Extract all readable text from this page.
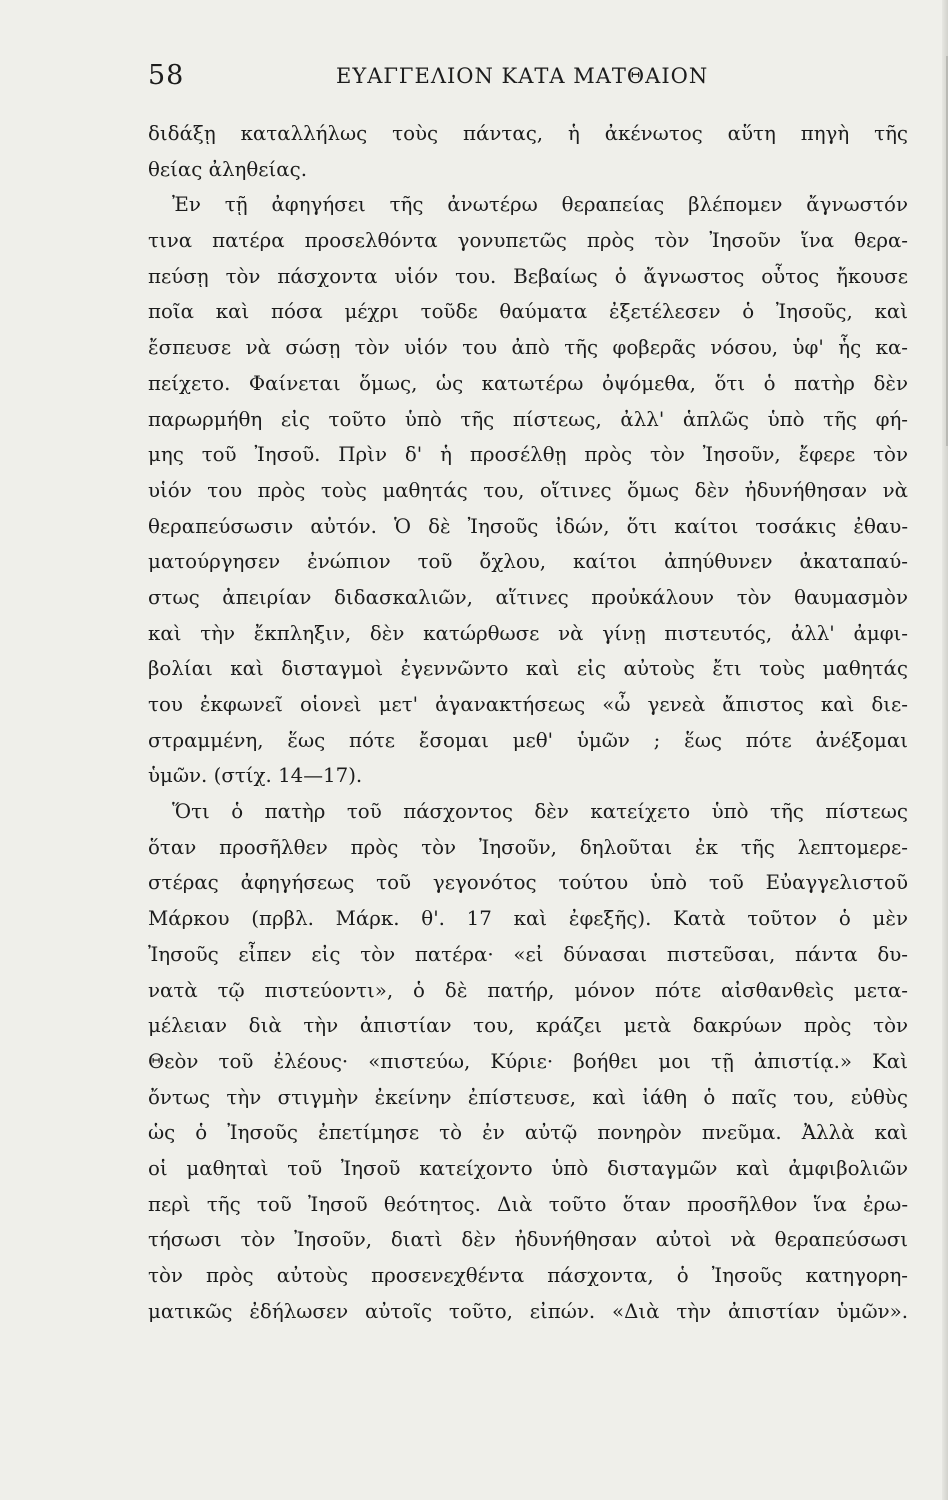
58	ΕΥΑΓΓΕΛΙΟΝ ΚΑΤΑ ΜΑΤΘΑΙΟΝ
διδάξῃ καταλλήλως τοὺς πάντας, ἡ ἀκένωτος αὕτη πηγὴ τῆς
θείας ἀληθείας.
Ἐν τῇ ἀφηγήσει τῆς ἀνωτέρω θεραπείας βλέπομεν ἄγνωστόν
τινα πατέρα προσελθόντα γονυπετῶς πρὸς τὸν Ἰησοῦν ἵνα θερα-
πεύσῃ τὸν πάσχοντα υἱόν του. Βεβαίως ὁ ἄγνωστος οὗτος ἤκουσε
ποῖα καὶ πόσα μέχρι τοῦδε θαύματα ἐξετέλεσεν ὁ Ἰησοῦς, καὶ
ἔσπευσε νὰ σώσῃ τὸν υἱόν του ἀπὸ τῆς φοβερᾶς νόσου, ὑφ' ἧς κα-
πείχετο. Φαίνεται ὅμως, ὡς κατωτέρω ὀψόμεθα, ὅτι ὁ πατὴρ δὲν
παρωρμήθη εἰς τοῦτο ὑπὸ τῆς πίστεως, ἀλλ' ἁπλῶς ὑπὸ τῆς φή-
μης τοῦ Ἰησοῦ. Πρὶν δ' ἡ προσέλθῃ πρὸς τὸν Ἰησοῦν, ἔφερε τὸν
υἱόν του πρὸς τοὺς μαθητάς του, οἵτινες ὅμως δὲν ἠδυνήθησαν νὰ
θεραπεύσωσιν αὐτόν. Ὁ δὲ Ἰησοῦς ἰδών, ὅτι καίτοι τοσάκις ἐθαυ-
ματούργησεν ἐνώπιον τοῦ ὄχλου, καίτοι ἀπηύθυνεν ἀκαταπαύ-
στως ἀπειρίαν διδασκαλιῶν, αἵτινες προὐκάλουν τὸν θαυμασμὸν
καὶ τὴν ἔκπληξιν, δὲν κατώρθωσε νὰ γίνῃ πιστευτός, ἀλλ' ἀμφι-
βολίαι καὶ δισταγμοὶ ἐγεννῶντο καὶ εἰς αὐτοὺς ἔτι τοὺς μαθητάς
του ἐκφωνεῖ οἱονεὶ μετ' ἀγανακτήσεως «ὦ γενεὰ ἄπιστος καὶ διε-
στραμμένη, ἕως πότε ἔσομαι μεθ' ὑμῶν ; ἕως πότε ἀνέξομαι
ὑμῶν. (στίχ. 14—17).
Ὅτι ὁ πατὴρ τοῦ πάσχοντος δὲν κατείχετο ὑπὸ τῆς πίστεως
ὅταν προσῆλθεν πρὸς τὸν Ἰησοῦν, δηλοῦται ἐκ τῆς λεπτομερε-
στέρας ἀφηγήσεως τοῦ γεγονότος τούτου ὑπὸ τοῦ Εὐαγγελιστοῦ
Μάρκου (πρβλ. Μάρκ. θ'. 17 καὶ ἐφεξῆς). Κατὰ τοῦτον ὁ μὲν
Ἰησοῦς εἶπεν εἰς τὸν πατέρα· «εἰ δύνασαι πιστεῦσαι, πάντα δυ-
νατὰ τῷ πιστεύοντι», ὁ δὲ πατήρ, μόνον πότε αἰσθανθεὶς μετα-
μέλειαν διὰ τὴν ἀπιστίαν του, κράζει μετὰ δακρύων πρὸς τὸν
Θεὸν τοῦ ἐλέους· «πιστεύω, Κύριε· βοήθει μοι τῇ ἀπιστίᾳ.» Καὶ
ὄντως τὴν στιγμὴν ἐκείνην ἐπίστευσε, καὶ ἰάθη ὁ παῖς του, εὐθὺς
ὡς ὁ Ἰησοῦς ἐπετίμησε τὸ ἐν αὐτῷ πονηρὸν πνεῦμα. Ἀλλὰ καὶ
οἱ μαθηταὶ τοῦ Ἰησοῦ κατείχοντο ὑπὸ δισταγμῶν καὶ ἀμφιβολιῶν
περὶ τῆς τοῦ Ἰησοῦ θεότητος. Διὰ τοῦτο ὅταν προσῆλθον ἵνα ἐρω-
τήσωσι τὸν Ἰησοῦν, διατὶ δὲν ἠδυνήθησαν αὐτοὶ νὰ θεραπεύσωσι
τὸν πρὸς αὐτοὺς προσενεχθέντα πάσχοντα, ὁ Ἰησοῦς κατηγορη-
ματικῶς ἐδήλωσεν αὐτοῖς τοῦτο, εἰπών. «Διὰ τὴν ἀπιστίαν ὑμῶν».
